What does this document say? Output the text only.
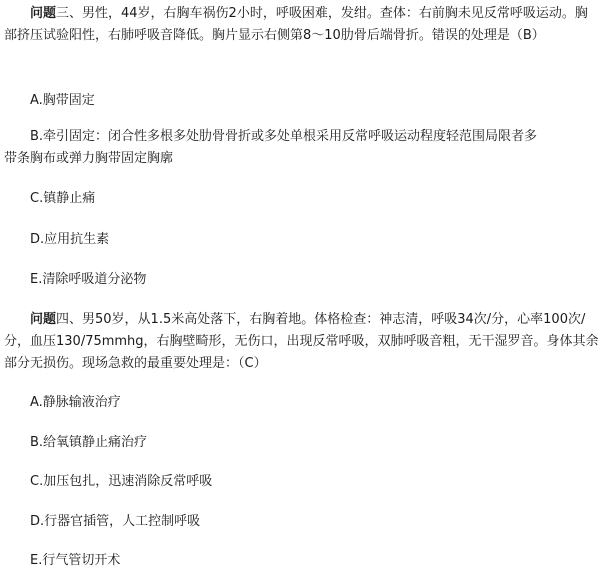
问题三、男性，44岁，右胸车祸伤2小时，呼吸困难，发绀。查体：右前胸未见反常呼吸运动。胸部挤压试验阳性，右肺呼吸音降低。胸片显示右侧第8～10肋骨后端骨折。错误的处理是（B）

A.胸带固定

B.牵引固定：闭合性多根多处肋骨骨折或多处单根采用反常呼吸运动程度轻范围局限者多

带条胸布或弹力胸带固定胸廓

C.镇静止痛

D.应用抗生素

E.清除呼吸道分泌物

问题四、男50岁，从1.5米高处落下，右胸着地。体格检查：神志清，呼吸34次/分，心率100次/分，血压130/75mmhg，右胸壁畸形，无伤口，出现反常呼吸，双肺呼吸音粗，无干湿罗音。身体其余部分无损伤。现场急救的最重要处理是：（C）

A.静脉输液治疗

B.给氧镇静止痛治疗

C.加压包扎，迅速消除反常呼吸

D.行器官插管，人工控制呼吸

E.行气管切开术
